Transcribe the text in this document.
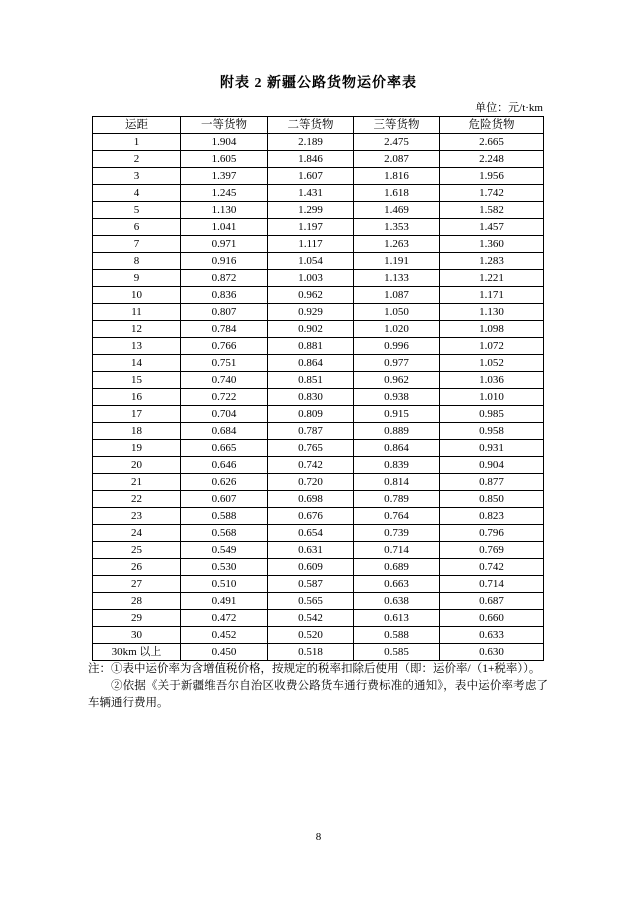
附表 2 新疆公路货物运价率表
单位：元/t·km
运距	一等货物	二等货物	三等货物	危险货物
1	1.904	2.189	2.475	2.665
2	1.605	1.846	2.087	2.248
3	1.397	1.607	1.816	1.956
4	1.245	1.431	1.618	1.742
5	1.130	1.299	1.469	1.582
6	1.041	1.197	1.353	1.457
7	0.971	1.117	1.263	1.360
8	0.916	1.054	1.191	1.283
9	0.872	1.003	1.133	1.221
10	0.836	0.962	1.087	1.171
11	0.807	0.929	1.050	1.130
12	0.784	0.902	1.020	1.098
13	0.766	0.881	0.996	1.072
14	0.751	0.864	0.977	1.052
15	0.740	0.851	0.962	1.036
16	0.722	0.830	0.938	1.010
17	0.704	0.809	0.915	0.985
18	0.684	0.787	0.889	0.958
19	0.665	0.765	0.864	0.931
20	0.646	0.742	0.839	0.904
21	0.626	0.720	0.814	0.877
22	0.607	0.698	0.789	0.850
23	0.588	0.676	0.764	0.823
24	0.568	0.654	0.739	0.796
25	0.549	0.631	0.714	0.769
26	0.530	0.609	0.689	0.742
27	0.510	0.587	0.663	0.714
28	0.491	0.565	0.638	0.687
29	0.472	0.542	0.613	0.660
30	0.452	0.520	0.588	0.633
30km 以上	0.450	0.518	0.585	0.630

注：①表中运价率为含增值税价格，按规定的税率扣除后使用（即：运价率/（1+税率））。

②依据《关于新疆维吾尔自治区收费公路货车通行费标准的通知》，表中运价率考虑了车辆通行费用。

8
